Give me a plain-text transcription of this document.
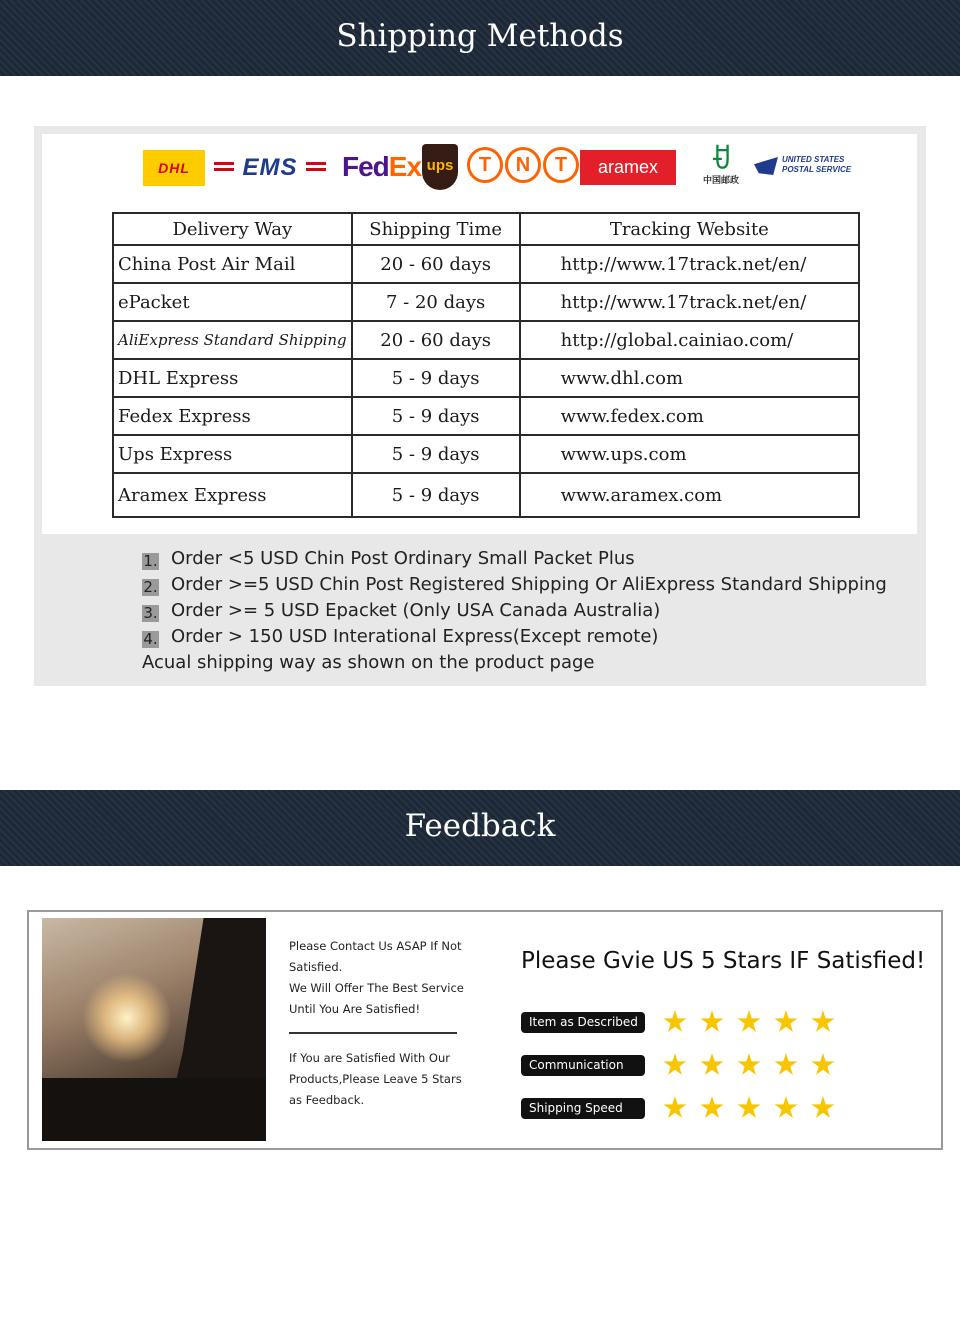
Shipping Methods
DHL	EMS	FedEx ups	T	N	T	aramex	ꀀ
中国邮政
UNITED STATES
POSTAL SERVICE
Delivery Way	Shipping Time	Tracking Website
China Post Air Mail	20 - 60 days	http://www.17track.net/en/
ePacket	7 - 20 days	http://www.17track.net/en/
AliExpress Standard Shipping	20 - 60 days	http://global.cainiao.com/
DHL Express	5 - 9 days	www.dhl.com
Fedex Express	5 - 9 days	www.fedex.com
Ups Express	5 - 9 days	www.ups.com
Aramex Express	5 - 9 days	www.aramex.com
1. Order <5 USD Chin Post Ordinary Small Packet Plus
2. Order >=5 USD Chin Post Registered Shipping Or AliExpress Standard Shipping
3. Order >= 5 USD Epacket (Only USA Canada Australia)
4. Order > 150 USD Interational Express(Except remote)
Acual shipping way as shown on the product page
Feedback
Please Contact Us ASAP If Not
Satisfied.
We Will Offer The Best Service
Until You Are Satisfied!
If You are Satisfied With Our
Products,Please Leave 5 Stars
as Feedback.
Please Gvie US 5 Stars IF Satisfied!
Item as Described
Communication
Shipping Speed
